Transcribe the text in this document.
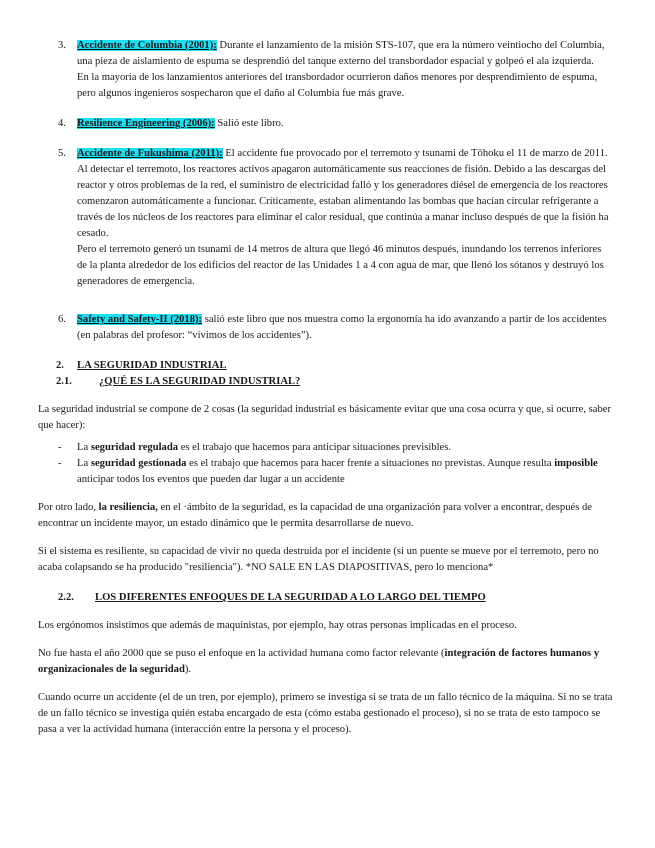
3. Accidente de Columbia (2001): Durante el lanzamiento de la misión STS-107, que era la número veintiocho del Columbia, una pieza de aislamiento de espuma se desprendió del tanque externo del transbordador espacial y golpeó el ala izquierda.

En la mayoría de los lanzamientos anteriores del transbordador ocurrieron daños menores por desprendimiento de espuma, pero algunos ingenieros sospecharon que el daño al Columbia fue más grave.

4. Resilience Engineering (2006): Salió este libro.

5. Accidente de Fukushima (2011): El accidente fue provocado por el terremoto y tsunami de Tōhoku el 11 de marzo de 2011. Al detectar el terremoto, los reactores activos apagaron automáticamente sus reacciones de fisión. Debido a las descargas del reactor y otros problemas de la red, el suministro de electricidad falló y los generadores diésel de emergencia de los reactores comenzaron automáticamente a funcionar. Críticamente, estaban alimentando las bombas que hacían circular refrigerante a través de los núcleos de los reactores para eliminar el calor residual, que continúa a manar incluso después de que la fisión ha cesado.

Pero el terremoto generó un tsunami de 14 metros de altura que llegó 46 minutos después, inundando los terrenos inferiores de la planta alrededor de los edificios del reactor de las Unidades 1 a 4 con agua de mar, que llenó los sótanos y destruyó los generadores de emergencia.

6. Safety and Safety-II (2018): salió este libro que nos muestra como la ergonomía ha ido avanzando a partir de los accidentes (en palabras del profesor: “vivimos de los accidentes”).

2. LA SEGURIDAD INDUSTRIAL
2.1.	¿QUÉ ES LA SEGURIDAD INDUSTRIAL?

La seguridad industrial se compone de 2 cosas (la seguridad industrial es básicamente evitar que una cosa ocurra y que, si ocurre, saber que hacer):

- La seguridad regulada es el trabajo que hacemos para anticipar situaciones previsibles.
- La seguridad gestionada es el trabajo que hacemos para hacer frente a situaciones no previstas. Aunque resulta imposible anticipar todos los eventos que pueden dar lugar a un accidente

Por otro lado, la resiliencia, en el ·ámbito de la seguridad, es la capacidad de una organización para volver a encontrar, después de encontrar un incidente mayor, un estado dinámico que le permita desarrollarse de nuevo.

Si el sistema es resiliente, su capacidad de vivir no queda destruida por el incidente (si un puente se mueve por el terremoto, pero no acaba colapsando se ha producido "resiliencia"). *NO SALE EN LAS DIAPOSITIVAS, pero lo menciona*

2.2. LOS DIFERENTES ENFOQUES DE LA SEGURIDAD A LO LARGO DEL TIEMPO

Los ergónomos insistimos que además de maquinistas, por ejemplo, hay otras personas implicadas en el proceso.

No fue hasta el año 2000 que se puso el enfoque en la actividad humana como factor relevante (integración de factores humanos y organizacionales de la seguridad).

Cuando ocurre un accidente (el de un tren, por ejemplo), primero se investiga si se trata de un fallo técnico de la máquina. Si no se trata de un fallo técnico se investiga quién estaba encargado de esta (cómo estaba gestionado el proceso), si no se trata de esto tampoco se pasa a ver la actividad humana (interacción entre la persona y el proceso).
